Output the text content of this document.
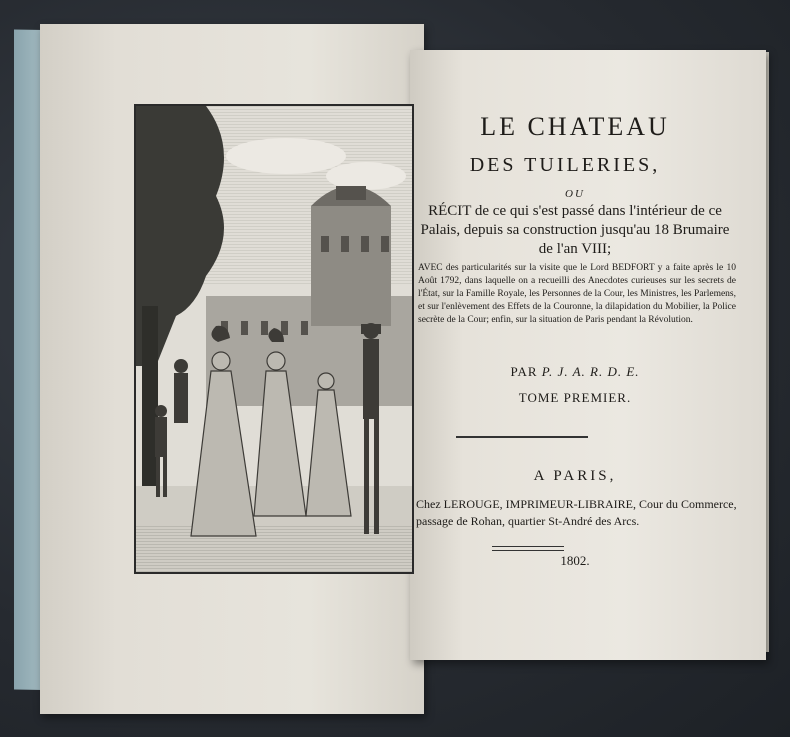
LE CHATEAU
DES TUILERIES,
OU
RÉCIT de ce qui s'est passé dans l'intérieur de ce Palais, depuis sa construction jusqu'au 18 Brumaire de l'an VIII;
AVEC des particularités sur la visite que le Lord BEDFORT y a faite après le 10 Août 1792, dans laquelle on a recueilli des Anecdotes curieuses sur les secrets de l'État, sur la Famille Royale, les Personnes de la Cour, les Ministres, les Parlemens, et sur l'enlèvement des Effets de la Couronne, la dilapidation du Mobilier, la Police secrète de la Cour; enfin, sur la situation de Paris pendant la Révolution.
PAR P. J. A. R. D. E.
TOME PREMIER.
A PARIS,
Chez LEROUGE, IMPRIMEUR-LIBRAIRE, Cour du Commerce, passage de Rohan, quartier St-André des Arcs.
1802.
